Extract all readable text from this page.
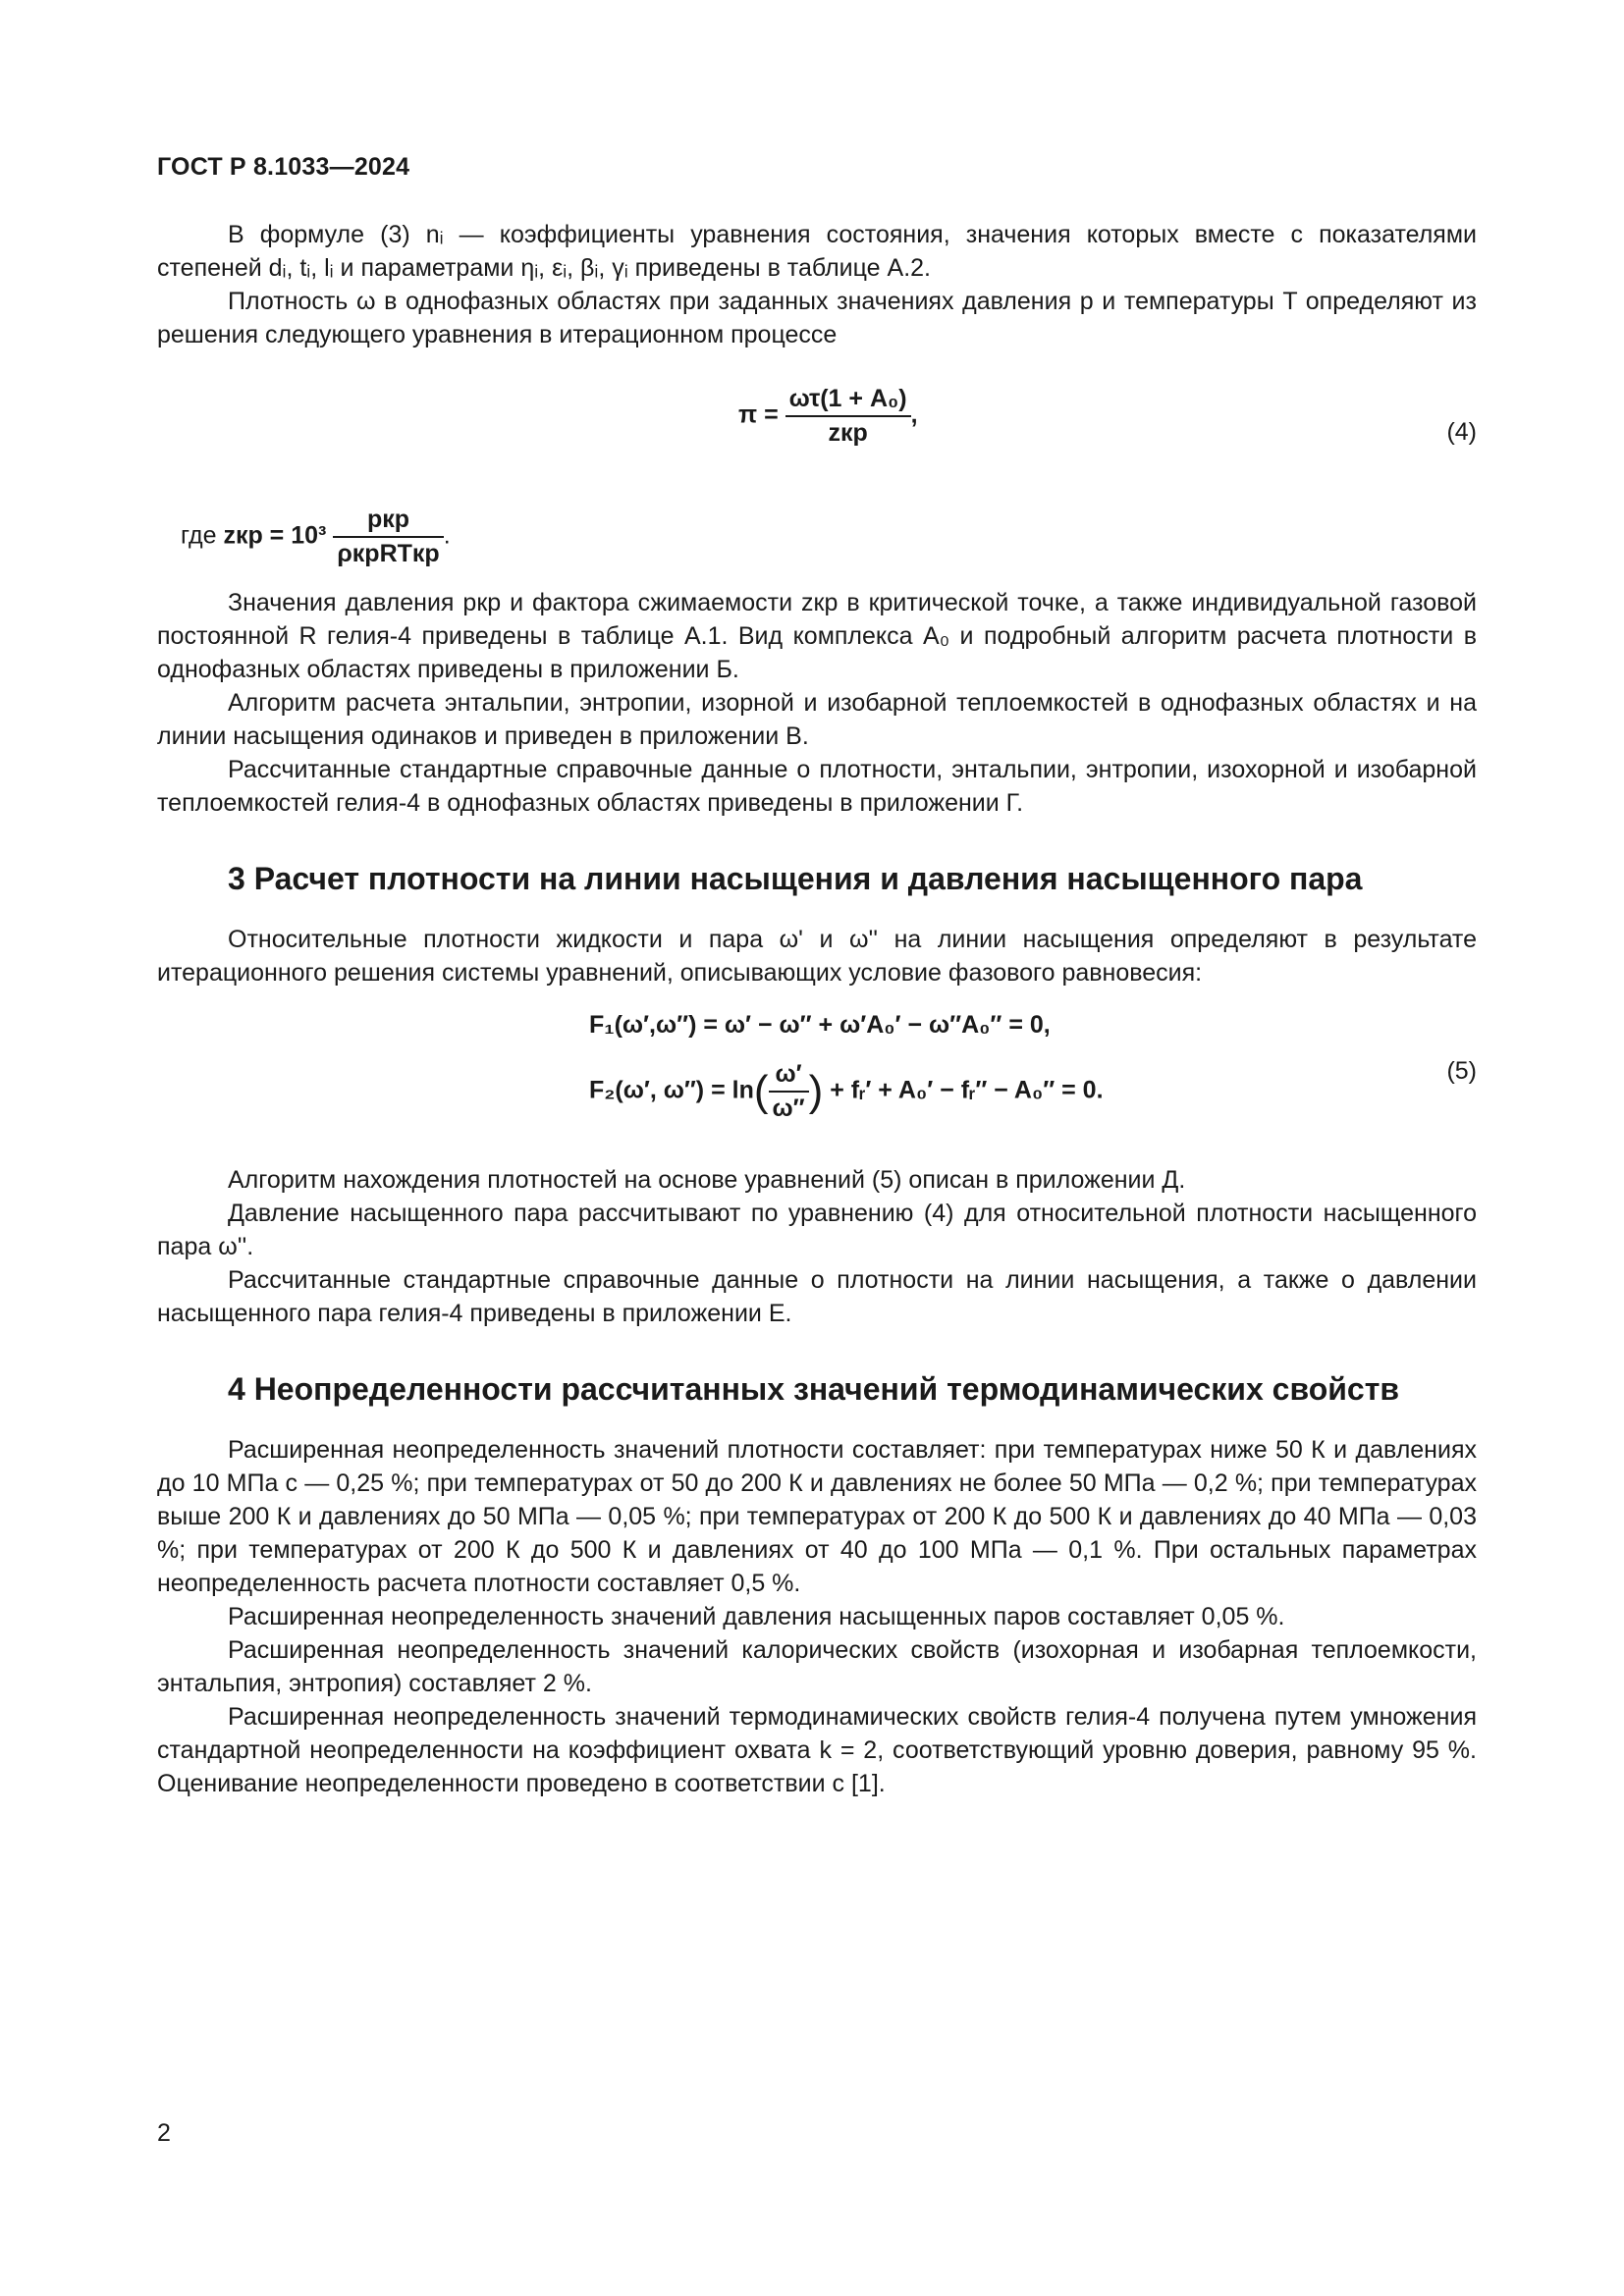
ГОСТ Р 8.1033—2024

В формуле (3) nᵢ — коэффициенты уравнения состояния, значения которых вместе с показателями степеней dᵢ, tᵢ, lᵢ и параметрами ηᵢ, εᵢ, βᵢ, γᵢ приведены в таблице А.2.

Плотность ω в однофазных областях при заданных значениях давления p и температуры T определяют из решения следующего уравнения в итерационном процессе

$\pi = \frac{\text{ωτ(1 + A₀)}}{\text{zкр}}$ ,
(4)
где zкр = $10^3 \frac{\text{pкр}}{\text{ρкрRTкр}}$ .

Значения давления pкр и фактора сжимаемости zкр в критической точке, а также индивидуальной газовой постоянной R гелия-4 приведены в таблице А.1. Вид комплекса A₀ и подробный алгоритм расчета плотности в однофазных областях приведены в приложении Б.

Алгоритм расчета энтальпии, энтропии, изорной и изобарной теплоемкостей в однофазных областях и на линии насыщения одинаков и приведен в приложении В.

Рассчитанные стандартные справочные данные о плотности, энтальпии, энтропии, изохорной и изобарной теплоемкостей гелия-4 в однофазных областях приведены в приложении Г.

3 Расчет плотности на линии насыщения и давления насыщенного пара

Относительные плотности жидкости и пара ω' и ω'' на линии насыщения определяют в результате итерационного решения системы уравнений, описывающих условие фазового равновесия:

F₁(ω′,ω″) = ω′ − ω″ + ω′A₀′ − ω″A₀″ = 0,
F₂(ω′, $\omega'') = \ln( \frac{\omega'}{\omega''}$ ) + fᵣ′ + A₀′ − fᵣ″ − A₀″ = 0.
(5)

Алгоритм нахождения плотностей на основе уравнений (5) описан в приложении Д.

Давление насыщенного пара рассчитывают по уравнению (4) для относительной плотности насыщенного пара ω''.

Рассчитанные стандартные справочные данные о плотности на линии насыщения, а также о давлении насыщенного пара гелия-4 приведены в приложении Е.

4 Неопределенности рассчитанных значений термодинамических свойств

Расширенная неопределенность значений плотности составляет: при температурах ниже 50 К и давлениях до 10 МПа с — 0,25 %; при температурах от 50 до 200 К и давлениях не более 50 МПа — 0,2 %; при температурах выше 200 К и давлениях до 50 МПа — 0,05 %; при температурах от 200 К до 500 К и давлениях до 40 МПа — 0,03 %; при температурах от 200 К до 500 К и давлениях от 40 до 100 МПа — 0,1 %. При остальных параметрах неопределенность расчета плотности составляет 0,5 %.

Расширенная неопределенность значений давления насыщенных паров составляет 0,05 %.

Расширенная неопределенность значений калорических свойств (изохорная и изобарная теплоемкости, энтальпия, энтропия) составляет 2 %.

Расширенная неопределенность значений термодинамических свойств гелия-4 получена путем умножения стандартной неопределенности на коэффициент охвата k = 2, соответствующий уровню доверия, равному 95 %. Оценивание неопределенности проведено в соответствии с [1].

2
